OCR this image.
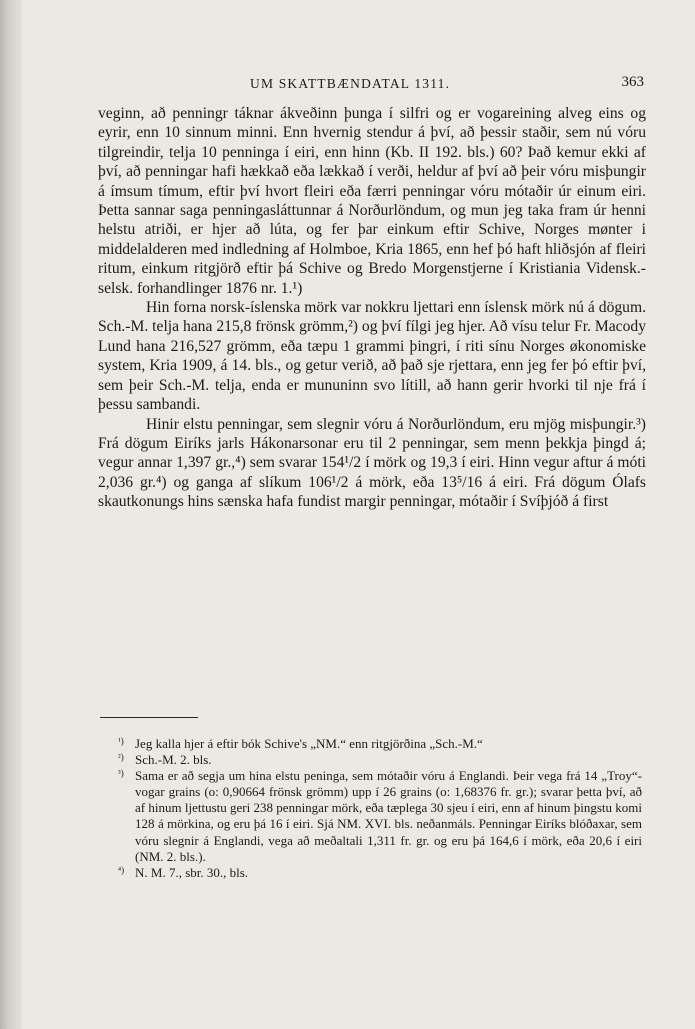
UM SKATTBÆNDATAL 1311.	363

veginn, að penningr táknar ákveðinn þunga í silfri og er vogareining alveg eins og eyrir, enn 10 sinnum minni. Enn hvernig stendur á því, að þessir staðir, sem nú vóru tilgreindir, telja 10 penninga í eiri, enn hinn (Kb. II 192. bls.) 60? Það kemur ekki af því, að penningar hafi hækkað eða lækkað í verði, heldur af því að þeir vóru misþungir á ímsum tímum, eftir því hvort fleiri eða færri penningar vóru mótaðir úr einum eiri. Þetta sannar saga penningasláttunnar á Norðurlöndum, og mun jeg taka fram úr henni helstu atriði, er hjer að lúta, og fer þar einkum eftir Schive, Norges mønter i middelalderen med indledning af Holmboe, Kria 1865, enn hef þó haft hliðsjón af fleiri ritum, einkum ritgjörð eftir þá Schive og Bredo Morgenstjerne í Kristiania Vidensk.-selsk. forhandlinger 1876 nr. 1.¹)

Hin forna norsk-íslenska mörk var nokkru ljettari enn íslensk mörk nú á dögum. Sch.-M. telja hana 215,8 frönsk grömm,²) og því fílgi jeg hjer. Að vísu telur Fr. Macody Lund hana 216,527 grömm, eða tæpu 1 grammi þingri, í riti sínu Norges økonomiske system, Kria 1909, á 14. bls., og getur verið, að það sje rjettara, enn jeg fer þó eftir því, sem þeir Sch.-M. telja, enda er mununinn svo lítill, að hann gerir hvorki til nje frá í þessu sambandi.

Hinir elstu penningar, sem slegnir vóru á Norðurlöndum, eru mjög misþungir.³) Frá dögum Eiríks jarls Hákonarsonar eru til 2 penningar, sem menn þekkja þingd á; vegur annar 1,397 gr.,⁴) sem svarar 154¹/2 í mörk og 19,3 í eiri. Hinn vegur aftur á móti 2,036 gr.⁴) og ganga af slíkum 106¹/2 á mörk, eða 13⁵/16 á eiri. Frá dögum Ólafs skautkonungs hins sænska hafa fundist margir penningar, mótaðir í Svíþjóð á first

¹) Jeg kalla hjer á eftir bók Schive's „NM.“ enn ritgjörðina „Sch.-M.“

²) Sch.-M. 2. bls.

³) Sama er að segja um hina elstu peninga, sem mótaðir vóru á Englandi. Þeir vega frá 14 „Troy“-vogar grains (o: 0,90664 frönsk grömm) upp í 26 grains (o: 1,68376 fr. gr.); svarar þetta því, að af hinum ljettustu geri 238 penningar mörk, eða tæplega 30 sjeu í eiri, enn af hinum þingstu komi 128 á mörkina, og eru þá 16 í eiri. Sjá NM. XVI. bls. neðanmáls. Penningar Eiríks blóðaxar, sem vóru slegnir á Englandi, vega að meðaltali 1,311 fr. gr. og eru þá 164,6 í mörk, eða 20,6 í eiri (NM. 2. bls.).

⁴) N. M. 7., sbr. 30., bls.
